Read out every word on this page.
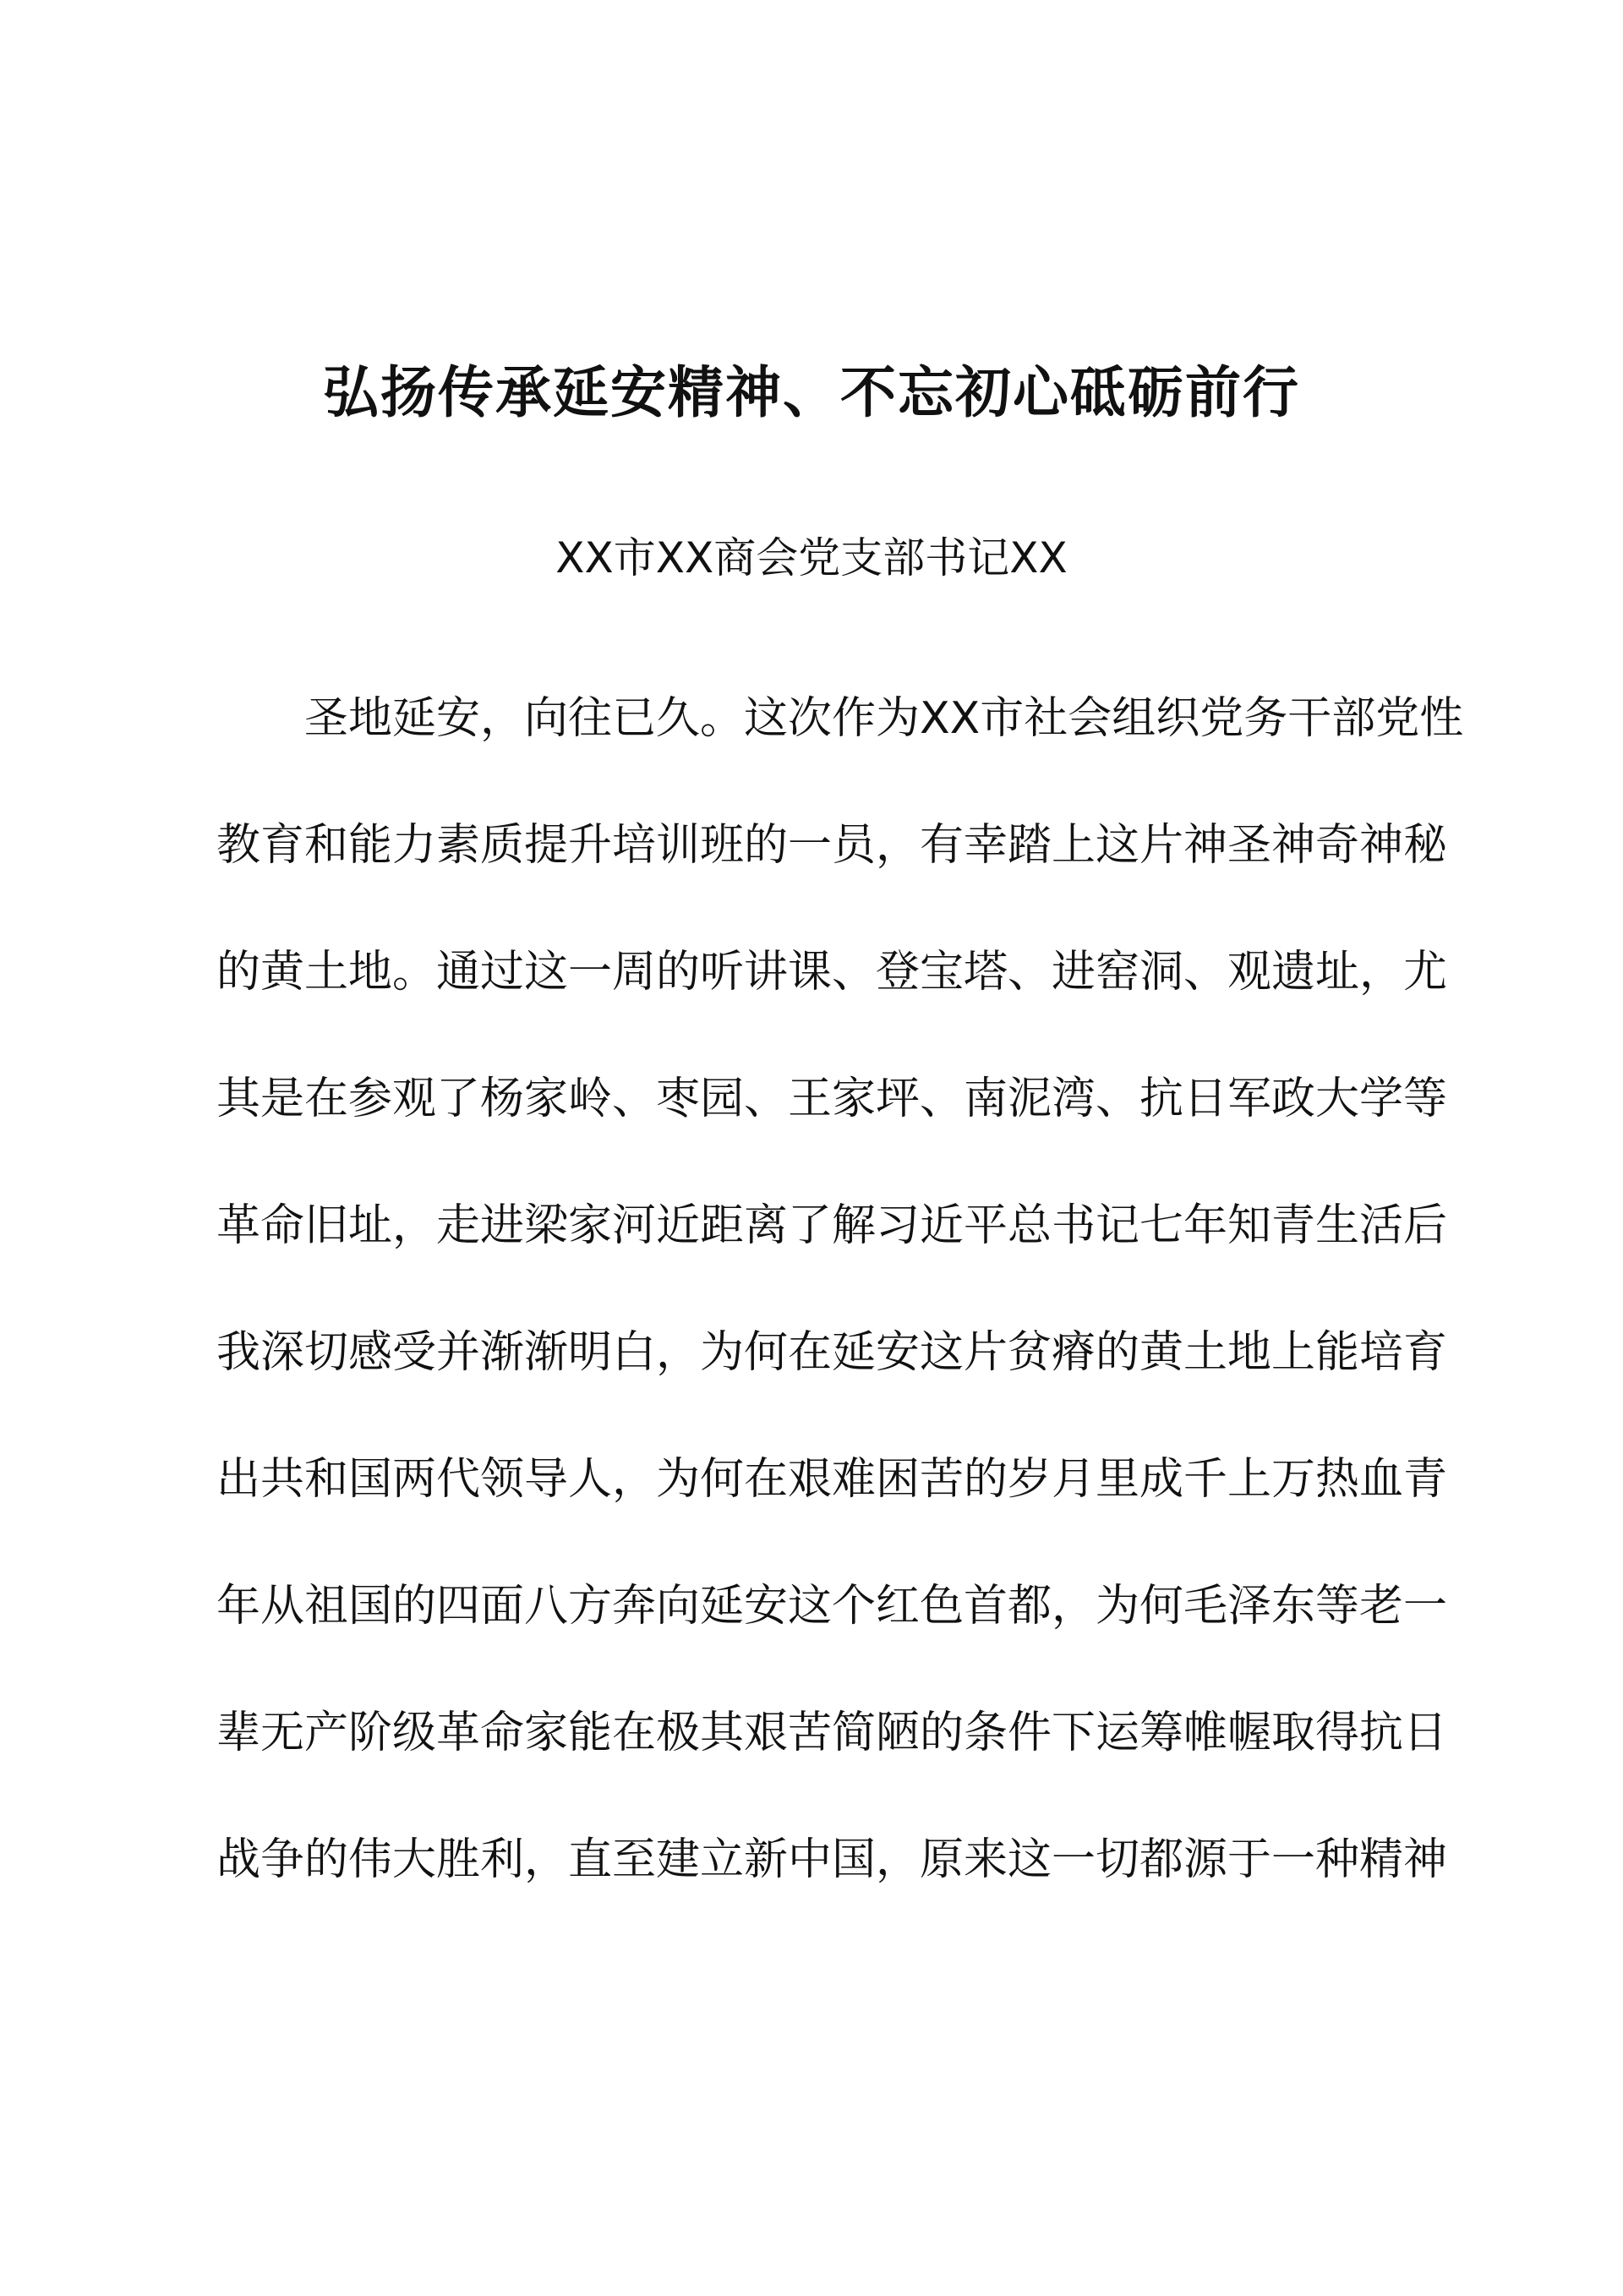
弘扬传承延安精神、不忘初心砥砺前行
XX市XX商会党支部书记XX
圣地延安，向往已久。这次作为XX市社会组织党务干部党性
教育和能力素质提升培训班的一员，有幸踏上这片神圣神奇神秘
的黄土地。通过这一周的听讲课、登宝塔、进窑洞、观遗址，尤
其是在参观了杨家岭、枣园、王家坪、南泥湾、抗日军政大学等
革命旧址，走进梁家河近距离了解习近平总书记七年知青生活后
我深切感受并渐渐明白，为何在延安这片贫瘠的黄土地上能培育
出共和国两代领导人，为何在艰难困苦的岁月里成千上万热血青
年从祖国的四面八方奔向延安这个红色首都，为何毛泽东等老一
辈无产阶级革命家能在极其艰苦简陋的条件下运筹帷幄取得抗日
战争的伟大胜利，直至建立新中国，原来这一切都源于一种精神
